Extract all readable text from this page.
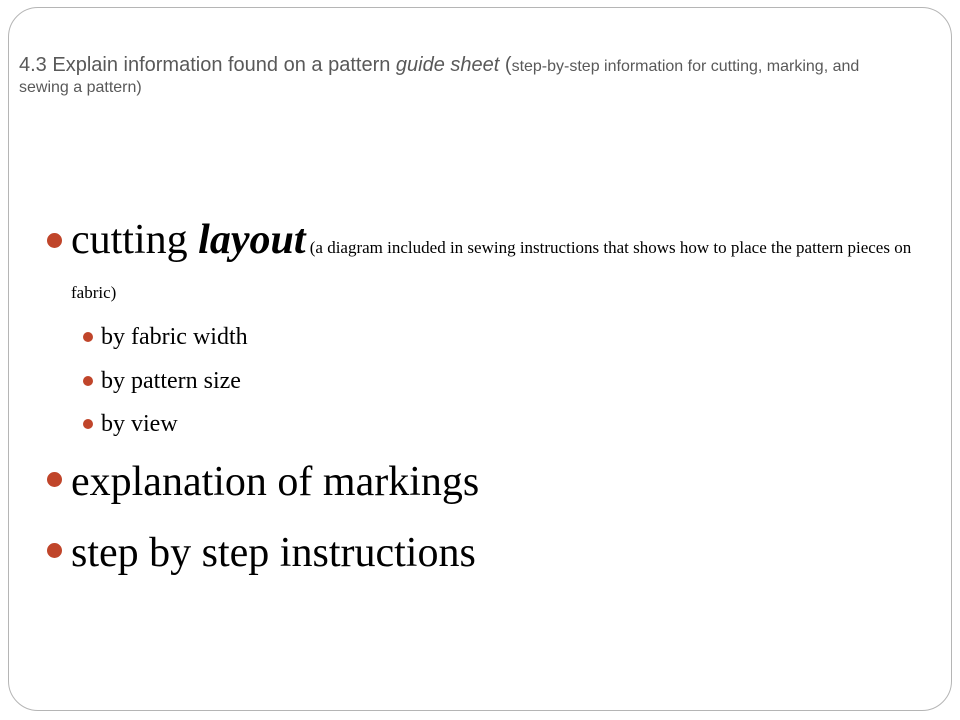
4.3 Explain information found on a pattern guide sheet (step-by-step information for cutting, marking, and sewing a pattern)
cutting layout (a diagram included in sewing instructions that shows how to place the pattern pieces on fabric)
by fabric width
by pattern size
by view
explanation of markings
step by step instructions
